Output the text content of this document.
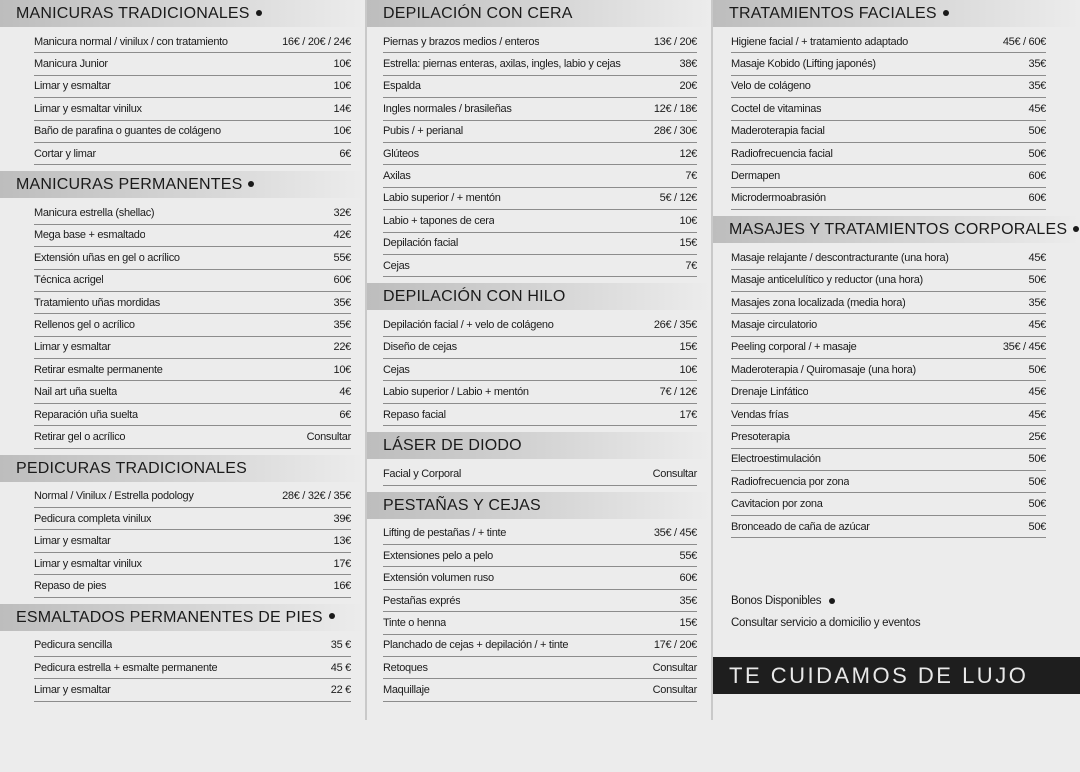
MANICURAS TRADICIONALES
Manicura normal / vinilux / con tratamiento	16€ / 20€ / 24€
Manicura Junior	10€
Limar y esmaltar	10€
Limar y esmaltar vinilux	14€
Baño de parafina o guantes de colágeno	10€
Cortar y limar	6€
MANICURAS PERMANENTES
Manicura estrella (shellac)	32€
Mega base + esmaltado	42€
Extensión uñas en gel o acrílico	55€
Técnica acrigel	60€
Tratamiento uñas mordidas	35€
Rellenos gel o acrílico	35€
Limar y esmaltar	22€
Retirar esmalte permanente	10€
Nail art uña suelta	4€
Reparación uña suelta	6€
Retirar gel o acrílico	Consultar
PEDICURAS TRADICIONALES
Normal / Vinilux / Estrella podology	28€ / 32€ / 35€
Pedicura completa vinilux	39€
Limar y esmaltar	13€
Limar y esmaltar vinilux	17€
Repaso de pies	16€
ESMALTADOS PERMANENTES DE PIES
Pedicura sencilla	35 €
Pedicura estrella + esmalte permanente	45 €
Limar y esmaltar	22 €
DEPILACIÓN CON CERA
Piernas y brazos medios / enteros	13€ / 20€
Estrella: piernas enteras, axilas, ingles, labio y cejas	38€
Espalda	20€
Ingles normales / brasileñas	12€ / 18€
Pubis / + perianal	28€ / 30€
Glúteos	12€
Axilas	7€
Labio superior / + mentón	5€ / 12€
Labio + tapones de cera	10€
Depilación facial	15€
Cejas	7€
DEPILACIÓN CON HILO
Depilación facial / + velo de colágeno	26€ / 35€
Diseño de cejas	15€
Cejas	10€
Labio superior / Labio + mentón	7€ / 12€
Repaso facial	17€
LÁSER DE DIODO
Facial y Corporal	Consultar
PESTAÑAS Y CEJAS
Lifting de pestañas / + tinte	35€ / 45€
Extensiones pelo a pelo	55€
Extensión volumen ruso	60€
Pestañas exprés	35€
Tinte o henna	15€
Planchado de cejas + depilación / + tinte	17€ / 20€
Retoques	Consultar
Maquillaje	Consultar
TRATAMIENTOS FACIALES
Higiene facial / + tratamiento adaptado	45€ / 60€
Masaje Kobido (Lifting japonés)	35€
Velo de colágeno	35€
Coctel de vitaminas	45€
Maderoterapia facial	50€
Radiofrecuencia facial	50€
Dermapen	60€
Microdermoabrasión	60€
MASAJES Y TRATAMIENTOS CORPORALES
Masaje relajante / descontracturante (una hora)	45€
Masaje anticelulítico y reductor (una hora)	50€
Masajes zona localizada (media hora)	35€
Masaje circulatorio	45€
Peeling corporal / + masaje	35€ / 45€
Maderoterapia / Quiromasaje (una hora)	50€
Drenaje Linfático	45€
Vendas frías	45€
Presoterapia	25€
Electroestimulación	50€
Radiofrecuencia por zona	50€
Cavitacion por zona	50€
Bronceado de caña de azúcar	50€
Bonos Disponibles
Consultar servicio a domicilio y eventos
TE CUIDAMOS DE LUJO
